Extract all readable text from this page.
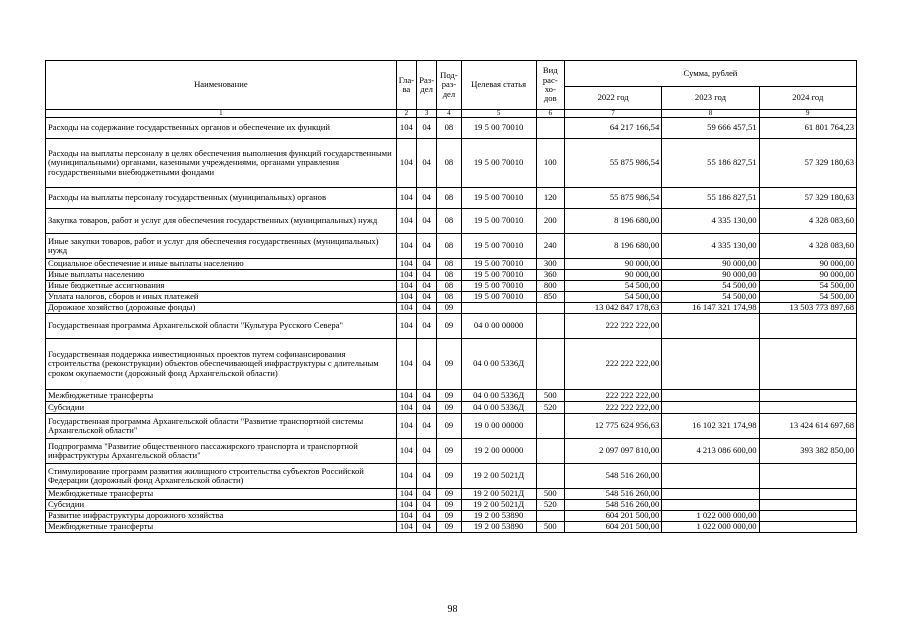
Наименование	Гла-ва	Раз-дел	Под-раз-дел	Целевая статья	Вид рас-хо-дов	Сумма, рублей		
						2022 год	2023 год	2024 год
1	2	3	4	5	6	7	8	9
Расходы на содержание государственных органов и обеспечение их функций	104	04	08	19 5 00 70010		64 217 166,54	59 666 457,51	61 801 764,23
Расходы на выплаты персоналу в целях обеспечения выполнения функций государственными (муниципальными) органами, казенными учреждениями, органами управления государственными внебюджетными фондами	104	04	08	19 5 00 70010	100	55 875 986,54	55 186 827,51	57 329 180,63
Расходы на выплаты персоналу государственных (муниципальных) органов	104	04	08	19 5 00 70010	120	55 875 986,54	55 186 827,51	57 329 180,63
Закупка товаров, работ и услуг для обеспечения государственных (муниципальных) нужд	104	04	08	19 5 00 70010	200	8 196 680,00	4 335 130,00	4 328 083,60
Иные закупки товаров, работ и услуг для обеспечения государственных (муниципальных) нужд	104	04	08	19 5 00 70010	240	8 196 680,00	4 335 130,00	4 328 083,60
Социальное обеспечение и иные выплаты населению	104	04	08	19 5 00 70010	300	90 000,00	90 000,00	90 000,00
Иные выплаты населению	104	04	08	19 5 00 70010	360	90 000,00	90 000,00	90 000,00
Иные бюджетные ассигнования	104	04	08	19 5 00 70010	800	54 500,00	54 500,00	54 500,00
Уплата налогов, сборов и иных платежей	104	04	08	19 5 00 70010	850	54 500,00	54 500,00	54 500,00
Дорожное хозяйство (дорожные фонды)	104	04	09			13 042 847 178,63	16 147 321 174,98	13 503 773 897,68
Государственная программа Архангельской области "Культура Русского Севера"	104	04	09	04 0 00 00000		222 222 222,00		
Государственная поддержка инвестиционных проектов путем софинансирования строительства (реконструкции) объектов обеспечивающей инфраструктуры с длительным сроком окупаемости (дорожный фонд Архангельской области)	104	04	09	04 0 00 5336Д		222 222 222,00		
Межбюджетные трансферты	104	04	09	04 0 00 5336Д	500	222 222 222,00		
Субсидии	104	04	09	04 0 00 5336Д	520	222 222 222,00		
Государственная программа Архангельской области "Развитие транспортной системы Архангельской области"	104	04	09	19 0 00 00000		12 775 624 956,63	16 102 321 174,98	13 424 614 697,68
Подпрограмма "Развитие общественного пассажирского транспорта и транспортной инфраструктуры Архангельской области"	104	04	09	19 2 00 00000		2 097 097 810,00	4 213 086 600,00	393 382 850,00
Стимулирование программ развития жилищного строительства субъектов Российской Федерации (дорожный фонд Архангельской области)	104	04	09	19 2 00 5021Д		548 516 260,00		
Межбюджетные трансферты	104	04	09	19 2 00 5021Д	500	548 516 260,00		
Субсидии	104	04	09	19 2 00 5021Д	520	548 516 260,00		
Развитие инфраструктуры дорожного хозяйства	104	04	09	19 2 00 53890		604 201 500,00	1 022 000 000,00	
Межбюджетные трансферты	104	04	09	19 2 00 53890	500	604 201 500,00	1 022 000 000,00	
98
